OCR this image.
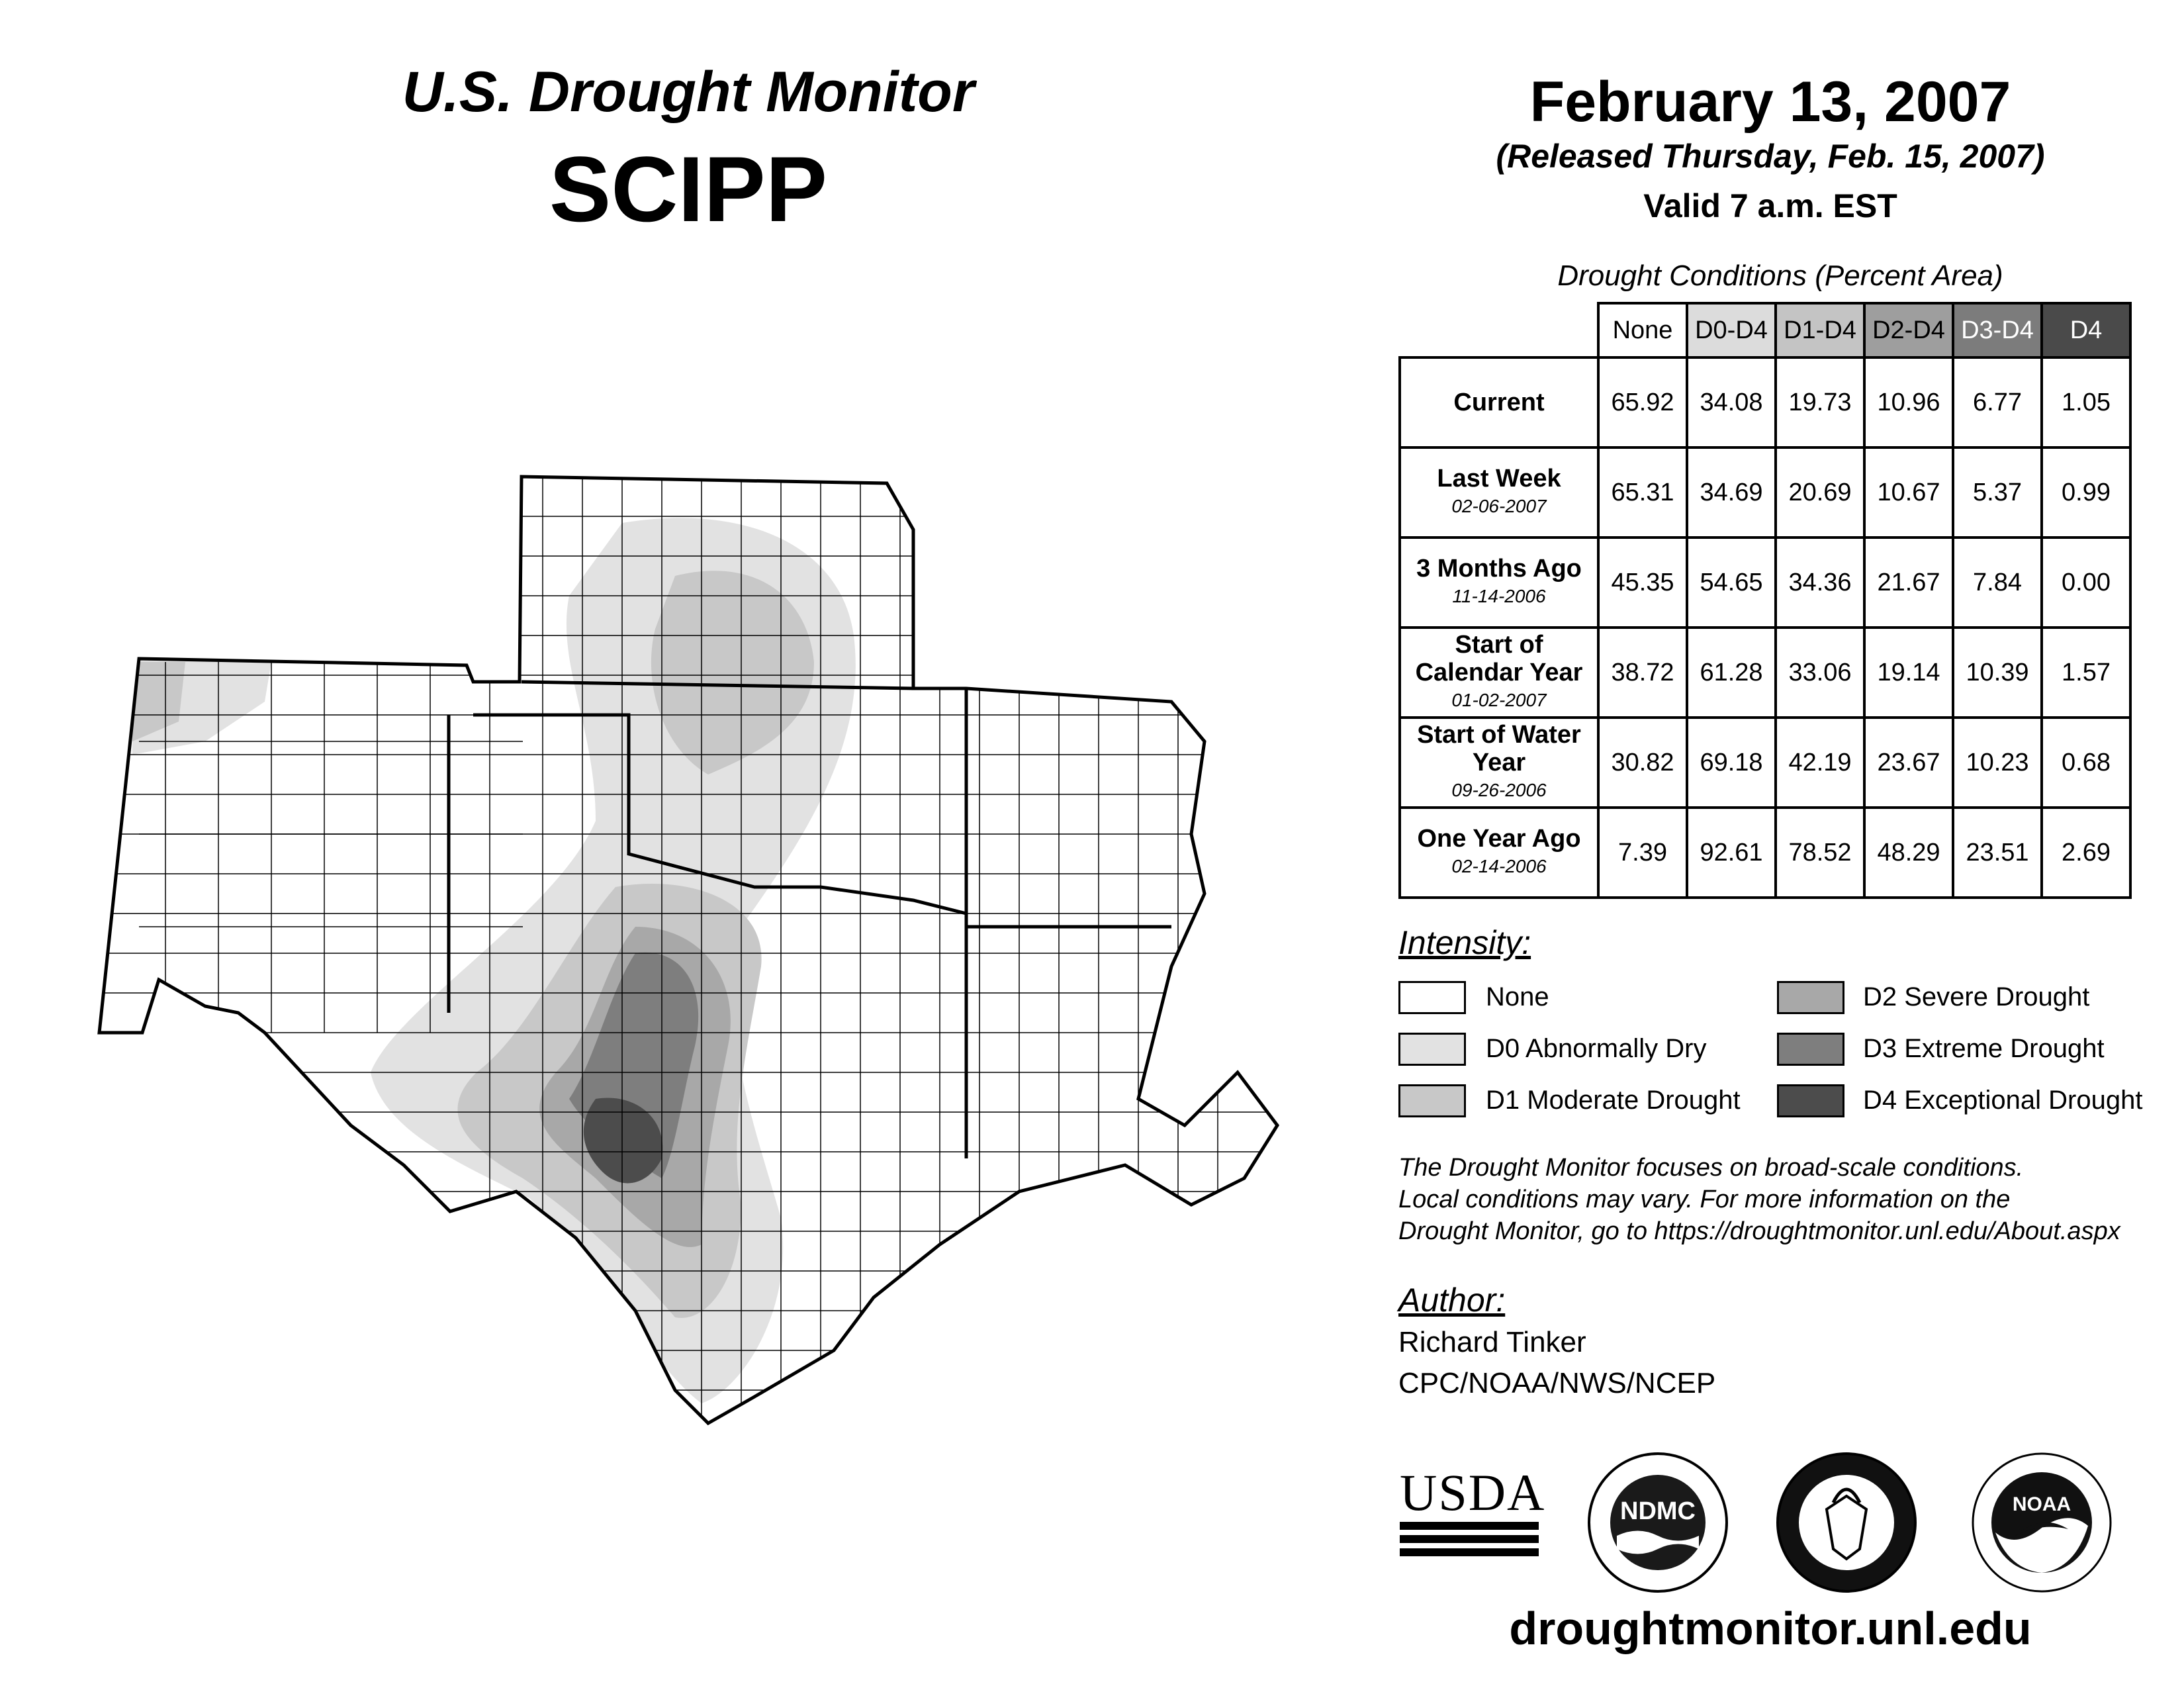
U.S. Drought Monitor
SCIPP
February 13, 2007
(Released Thursday, Feb. 15, 2007)
Valid 7 a.m. EST
Drought Conditions (Percent Area)
	None	D0-D4	D1-D4	D2-D4	D3-D4	D4
Current	65.92	34.08	19.73	10.96	6.77	1.05
Last Week
02-06-2007	65.31	34.69	20.69	10.67	5.37	0.99
3 Months Ago
11-14-2006	45.35	54.65	34.36	21.67	7.84	0.00
Start of Calendar Year
01-02-2007	38.72	61.28	33.06	19.14	10.39	1.57
Start of Water Year
09-26-2006	30.82	69.18	42.19	23.67	10.23	0.68
One Year Ago
02-14-2006	7.39	92.61	78.52	48.29	23.51	2.69
Intensity:
None
D0 Abnormally Dry
D1 Moderate Drought
D2 Severe Drought
D3 Extreme Drought
D4 Exceptional Drought
The Drought Monitor focuses on broad-scale conditions.
Local conditions may vary. For more information on the
Drought Monitor, go to https://droughtmonitor.unl.edu/About.aspx
Author:
Richard Tinker
CPC/NOAA/NWS/NCEP
USDA	NDMC	NOAA
droughtmonitor.unl.edu
